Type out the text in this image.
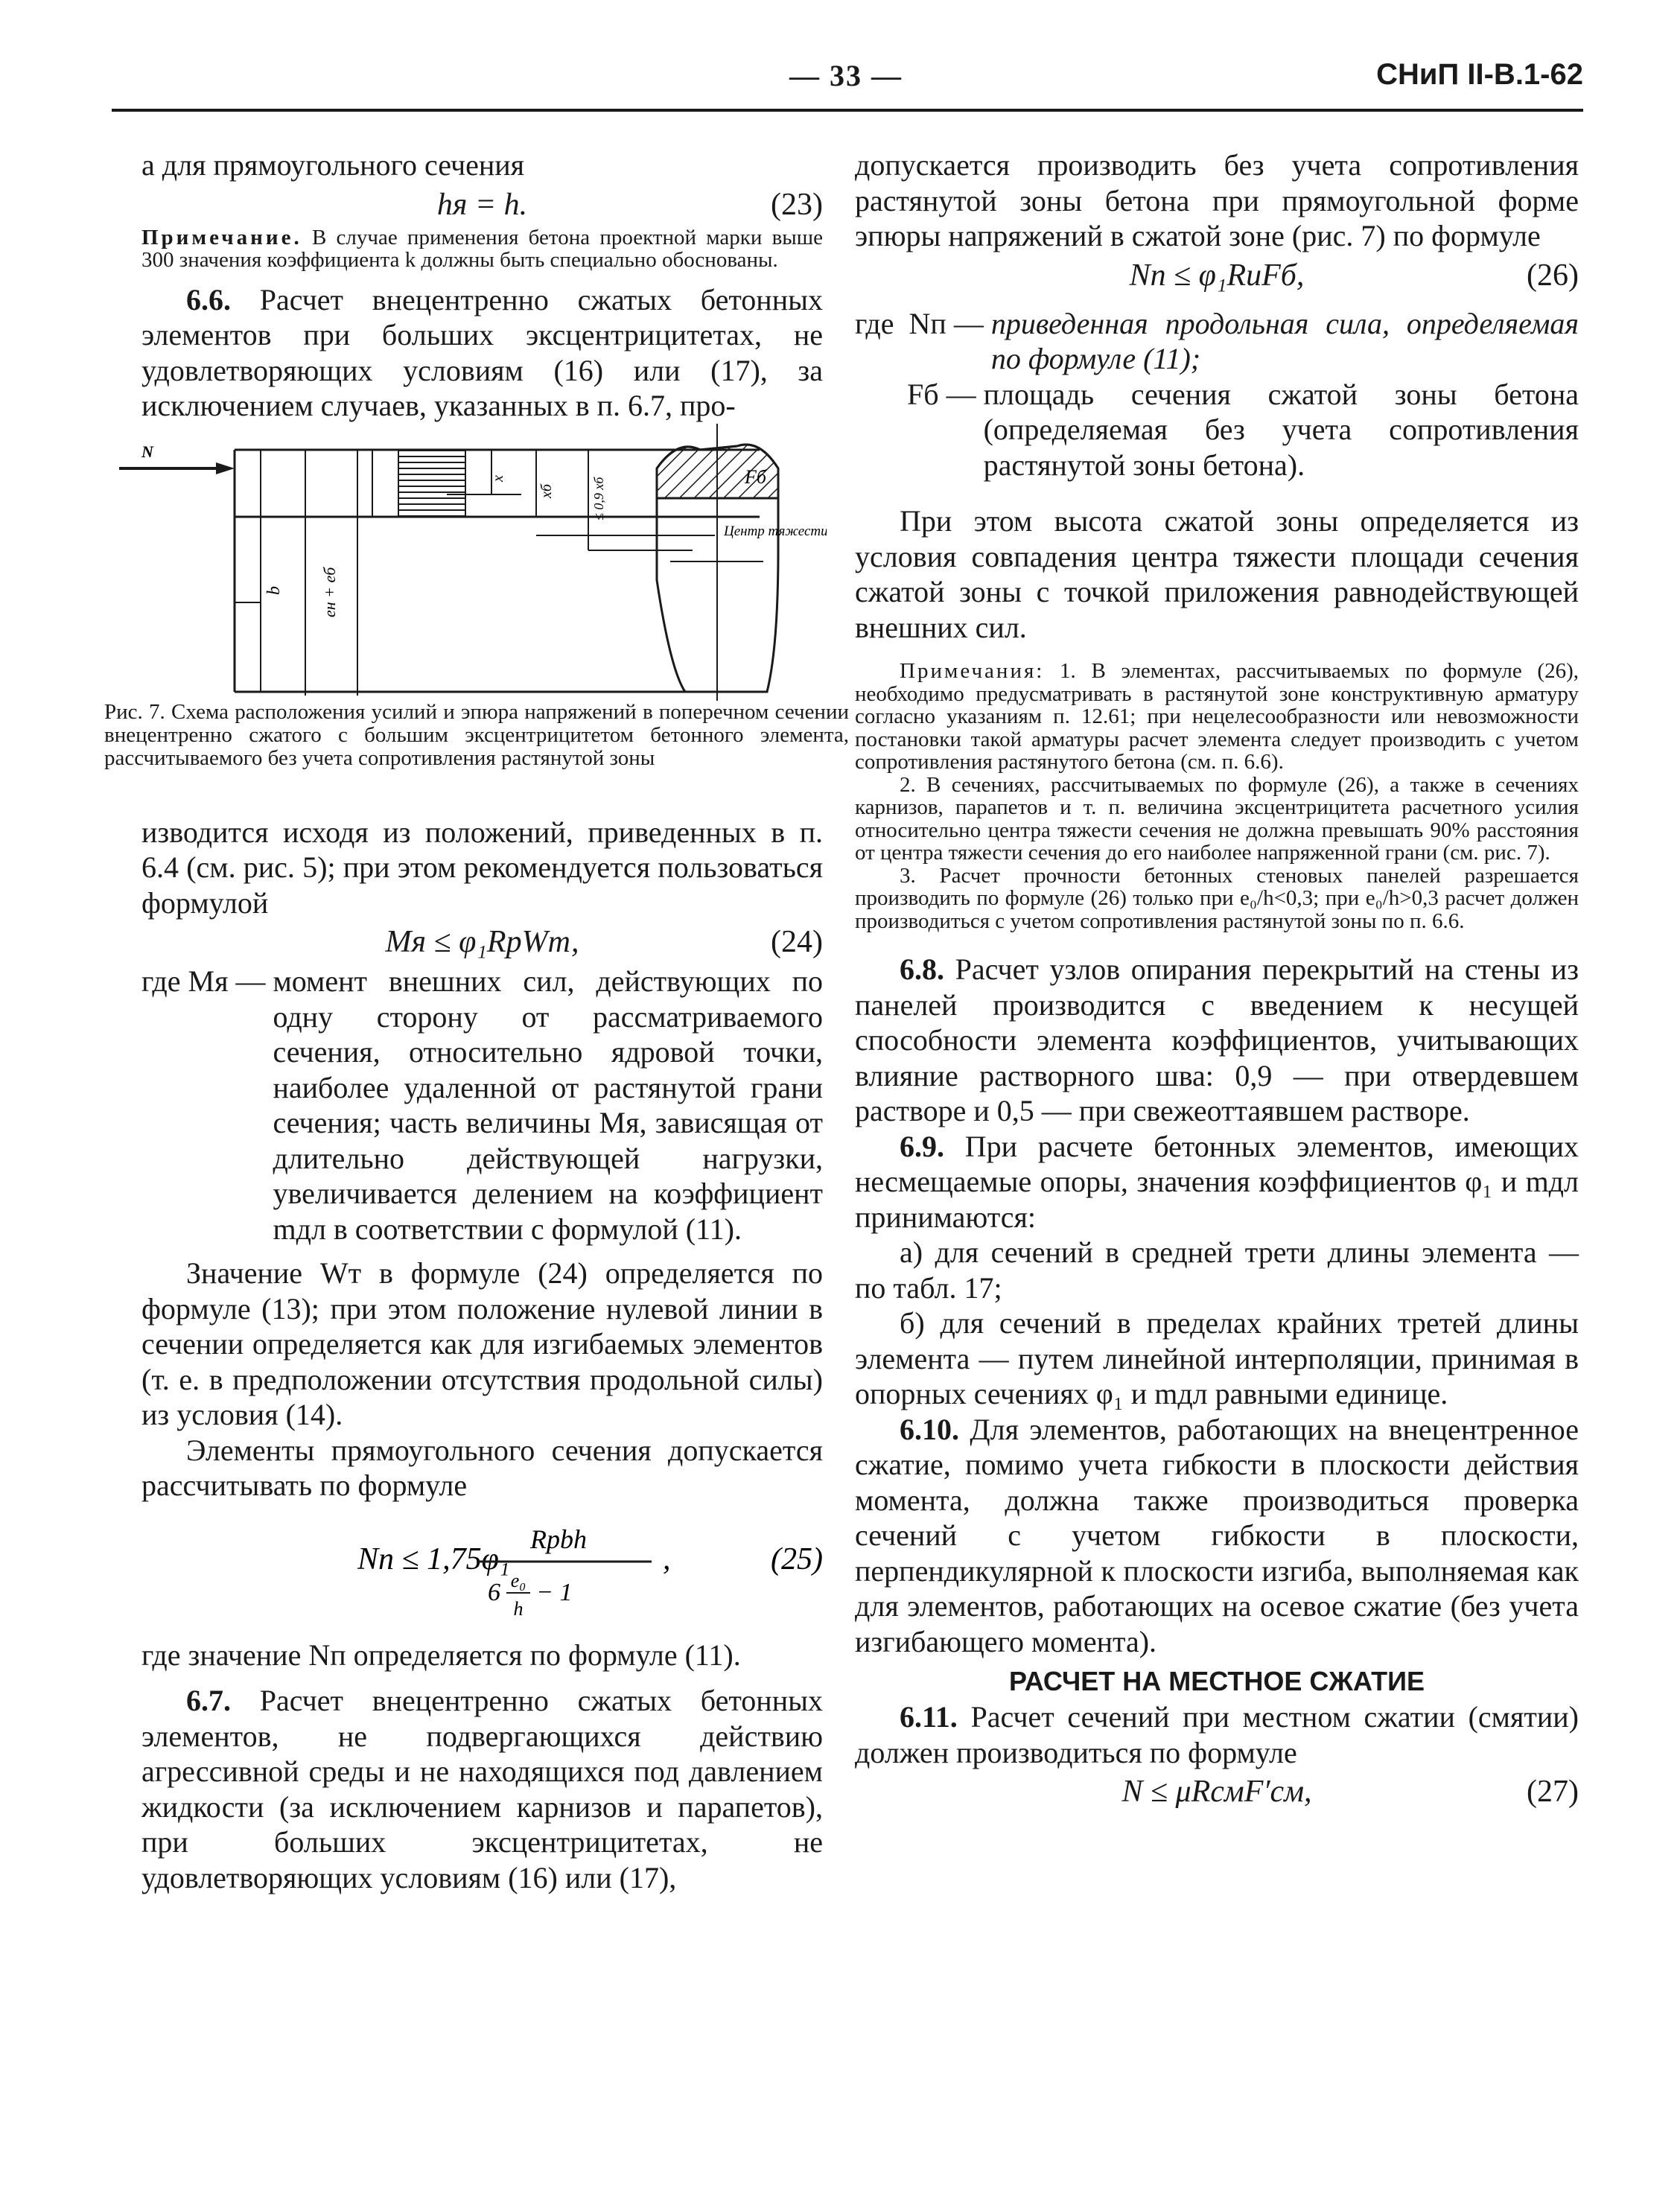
— 33 —	СНиП II-В.1-62

а для прямоугольного сечения

hя = h.	(23)

Примечание. В случае применения бетона проектной марки выше 300 значения коэффициента k должны быть специально обоснованы.

6.6. Расчет внецентренно сжатых бетонных элементов при больших эксцентрицитетах, не удовлетворяющих условиям (16) или (17), за исключением случаев, указанных в п. 6.7, про-

N
b eн + eб
x
xб	≤ 0,9 xб
Fб
Центр тяжести

Рис. 7. Схема расположения усилий и эпюра напряжений в поперечном сечении внецентренно сжатого с большим эксцентрицитетом бетонного элемента, рассчитываемого без учета сопротивления растянутой зоны

изводится исходя из положений, приведенных в п. 6.4 (см. рис. 5); при этом рекомендуется пользоваться формулой

Mя ≤ φ₁RрWт,	(24)
где Mя — момент внешних сил, действующих по одну сторону от рассматриваемого сечения, относительно ядровой точки, наиболее удаленной от растянутой грани сечения; часть величины Mя, зависящая от длительно действующей нагрузки, увеличивается делением на коэффициент mдл в соответствии с формулой (11).

Значение Wт в формуле (24) определяется по формуле (13); при этом положение нулевой линии в сечении определяется как для изгибаемых элементов (т. е. в предположении отсутствия продольной силы) из условия (14).

Элементы прямоугольного сечения допускается рассчитывать по формуле

Nп ≤ 1,75φ₁
Rрbh
6 e₀
h
− 1
,	(25)

где значение Nп определяется по формуле (11).

6.7. Расчет внецентренно сжатых бетонных элементов, не подвергающихся действию агрессивной среды и не находящихся под давлением жидкости (за исключением карнизов и парапетов), при больших эксцентрицитетах, не удовлетворяющих условиям (16) или (17),

допускается производить без учета сопротивления растянутой зоны бетона при прямоугольной форме эпюры напряжений в сжатой зоне (рис. 7) по формуле

Nп ≤ φ₁RиFб,	(26)
где  Nп — приведенная продольная сила, определяемая по формуле (11);
Fб — площадь сечения сжатой зоны бетона (определяемая без учета сопротивления растянутой зоны бетона).

При этом высота сжатой зоны определяется из условия совпадения центра тяжести площади сечения сжатой зоны с точкой приложения равнодействующей внешних сил.

Примечания: 1. В элементах, рассчитываемых по формуле (26), необходимо предусматривать в растянутой зоне конструктивную арматуру согласно указаниям п. 12.61; при нецелесообразности или невозможности постановки такой арматуры расчет элемента следует производить с учетом сопротивления растянутого бетона (см. п. 6.6).

2. В сечениях, рассчитываемых по формуле (26), а также в сечениях карнизов, парапетов и т. п. величина эксцентрицитета расчетного усилия относительно центра тяжести сечения не должна превышать 90% расстояния от центра тяжести сечения до его наиболее напряженной грани (см. рис. 7).

3. Расчет прочности бетонных стеновых панелей разрешается производить по формуле (26) только при e₀/h<0,3; при e₀/h>0,3 расчет должен производиться с учетом сопротивления растянутой зоны по п. 6.6.

6.8. Расчет узлов опирания перекрытий на стены из панелей производится с введением к несущей способности элемента коэффициентов, учитывающих влияние растворного шва: 0,9 — при отвердевшем растворе и 0,5 — при свежеоттаявшем растворе.

6.9. При расчете бетонных элементов, имеющих несмещаемые опоры, значения коэффициентов φ₁ и mдл принимаются:

а) для сечений в средней трети длины элемента — по табл. 17;

б) для сечений в пределах крайних третей длины элемента — путем линейной интерполяции, принимая в опорных сечениях φ₁ и mдл равными единице.

6.10. Для элементов, работающих на внецентренное сжатие, помимо учета гибкости в плоскости действия момента, должна также производиться проверка сечений с учетом гибкости в плоскости, перпендикулярной к плоскости изгиба, выполняемая как для элементов, работающих на осевое сжатие (без учета изгибающего момента).

РАСЧЕТ НА МЕСТНОЕ СЖАТИЕ

6.11. Расчет сечений при местном сжатии (смятии) должен производиться по формуле

N ≤ μRсмF′см,	(27)
